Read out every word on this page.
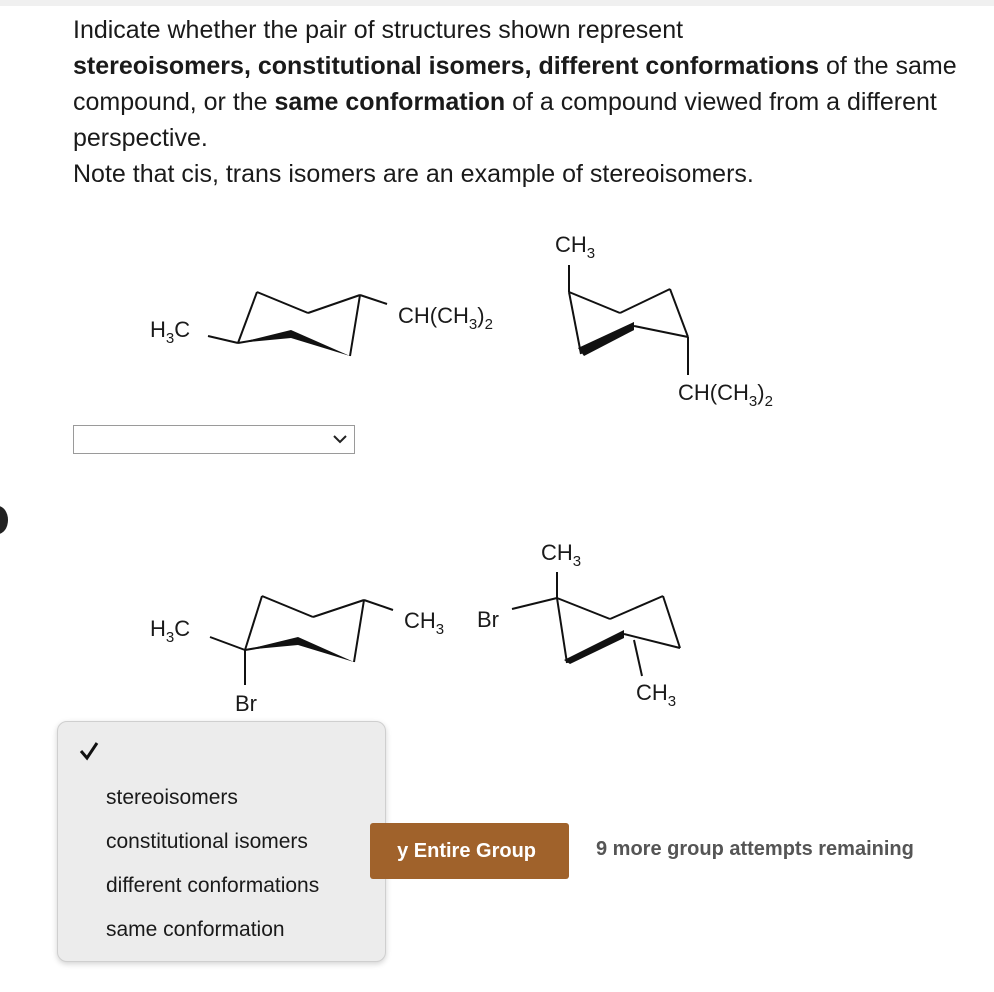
Indicate whether the pair of structures shown represent
stereoisomers, constitutional isomers, different conformations of the same compound, or the same conformation of a compound viewed from a different perspective.
Note that cis, trans isomers are an example of stereoisomers.
$H_3C$
$CH(CH_3)_2$
$CH_3$
$CH(CH_3)_2$
$H_3C$
Br
$CH_3$ Br
$CH_3$
$CH_3$
stereoisomers
constitutional isomers
different conformations
same conformation
y Entire Group	9 more group attempts remaining
